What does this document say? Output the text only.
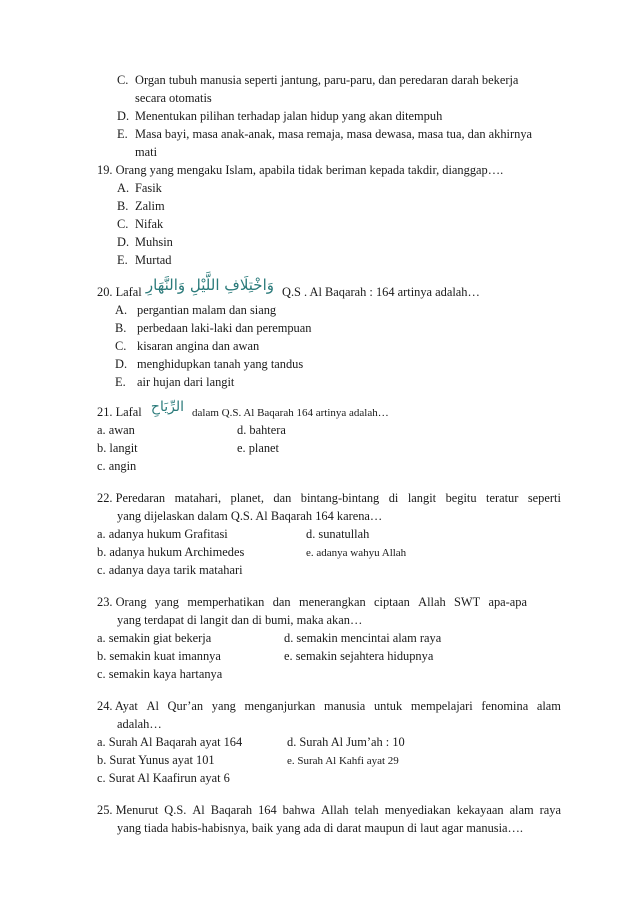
C. Organ tubuh manusia seperti jantung, paru-paru, dan peredaran darah bekerja
secara otomatis
D. Menentukan pilihan terhadap jalan hidup yang akan ditempuh
E. Masa bayi, masa anak-anak, masa remaja, masa dewasa, masa tua, dan akhirnya
mati
19. Orang yang mengaku Islam, apabila tidak beriman kepada takdir, dianggap….
A. Fasik
B. Zalim
C. Nifak
D. Muhsin
E. Murtad
20. Lafal وَاخْتِلَافِ اللَّيْلِ وَالنَّهَارِ Q.S . Al Baqarah : 164 artinya adalah…
A. pergantian malam dan siang
B. perbedaan laki-laki dan perempuan
C. kisaran angina dan awan
D. menghidupkan tanah yang tandus
E. air hujan dari langit
21. Lafal الرِّيَاحِ dalam Q.S. Al Baqarah 164 artinya adalah…
a. awan	d. bahtera
b. langit	e. planet
c. angin
22. Peredaran matahari, planet, dan bintang-bintang di langit begitu teratur seperti
yang dijelaskan dalam Q.S. Al Baqarah 164 karena…
a. adanya hukum Grafitasi	d. sunatullah
b. adanya hukum Archimedes	e. adanya wahyu Allah
c. adanya daya tarik matahari
23. Orang yang memperhatikan dan menerangkan ciptaan Allah SWT apa-apa
yang terdapat di langit dan di bumi, maka akan…
a. semakin giat bekerja	d. semakin mencintai alam raya
b. semakin kuat imannya	e. semakin sejahtera hidupnya
c. semakin kaya hartanya
24. Ayat Al Qur’an yang menganjurkan manusia untuk mempelajari fenomina alam
adalah…
a. Surah Al Baqarah ayat 164	d. Surah Al Jum’ah : 10
b. Surat Yunus ayat 101	e. Surah Al Kahfi ayat 29
c. Surat Al Kaafirun ayat 6
25. Menurut Q.S. Al Baqarah 164 bahwa Allah telah menyediakan kekayaan alam raya
yang tiada habis-habisnya, baik yang ada di darat maupun di laut agar manusia….
